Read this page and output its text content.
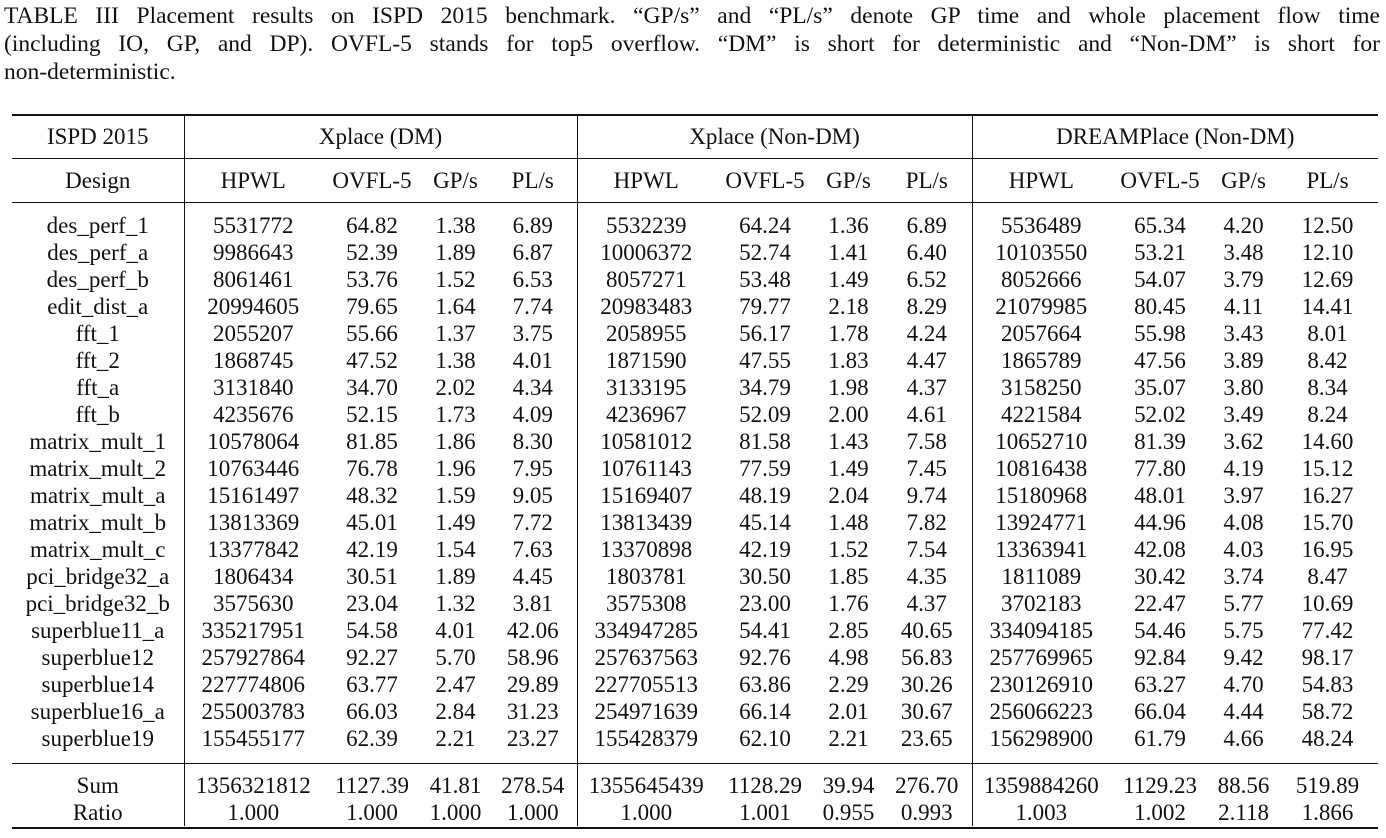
TABLE III Placement results on ISPD 2015 benchmark. “GP/s” and “PL/s” denote GP time and whole placement flow time
(including IO, GP, and DP). OVFL-5 stands for top5 overflow. “DM” is short for deterministic and “Non-DM” is short for
non-deterministic.
ISPD 2015	Xplace (DM)				Xplace (Non-DM)				DREAMPlace (Non-DM)			
Design	HPWL	OVFL-5	GP/s	PL/s	HPWL	OVFL-5	GP/s	PL/s	HPWL	OVFL-5	GP/s	PL/s

des_perf_1	5531772	64.82	1.38	6.89	5532239	64.24	1.36	6.89	5536489	65.34	4.20	12.50
des_perf_a	9986643	52.39	1.89	6.87	10006372	52.74	1.41	6.40	10103550	53.21	3.48	12.10
des_perf_b	8061461	53.76	1.52	6.53	8057271	53.48	1.49	6.52	8052666	54.07	3.79	12.69
edit_dist_a	20994605	79.65	1.64	7.74	20983483	79.77	2.18	8.29	21079985	80.45	4.11	14.41
fft_1	2055207	55.66	1.37	3.75	2058955	56.17	1.78	4.24	2057664	55.98	3.43	8.01
fft_2	1868745	47.52	1.38	4.01	1871590	47.55	1.83	4.47	1865789	47.56	3.89	8.42
fft_a	3131840	34.70	2.02	4.34	3133195	34.79	1.98	4.37	3158250	35.07	3.80	8.34
fft_b	4235676	52.15	1.73	4.09	4236967	52.09	2.00	4.61	4221584	52.02	3.49	8.24
matrix_mult_1	10578064	81.85	1.86	8.30	10581012	81.58	1.43	7.58	10652710	81.39	3.62	14.60
matrix_mult_2	10763446	76.78	1.96	7.95	10761143	77.59	1.49	7.45	10816438	77.80	4.19	15.12
matrix_mult_a	15161497	48.32	1.59	9.05	15169407	48.19	2.04	9.74	15180968	48.01	3.97	16.27
matrix_mult_b	13813369	45.01	1.49	7.72	13813439	45.14	1.48	7.82	13924771	44.96	4.08	15.70
matrix_mult_c	13377842	42.19	1.54	7.63	13370898	42.19	1.52	7.54	13363941	42.08	4.03	16.95
pci_bridge32_a	1806434	30.51	1.89	4.45	1803781	30.50	1.85	4.35	1811089	30.42	3.74	8.47
pci_bridge32_b	3575630	23.04	1.32	3.81	3575308	23.00	1.76	4.37	3702183	22.47	5.77	10.69
superblue11_a	335217951	54.58	4.01	42.06	334947285	54.41	2.85	40.65	334094185	54.46	5.75	77.42
superblue12	257927864	92.27	5.70	58.96	257637563	92.76	4.98	56.83	257769965	92.84	9.42	98.17
superblue14	227774806	63.77	2.47	29.89	227705513	63.86	2.29	30.26	230126910	63.27	4.70	54.83
superblue16_a	255003783	66.03	2.84	31.23	254971639	66.14	2.01	30.67	256066223	66.04	4.44	58.72
superblue19	155455177	62.39	2.21	23.27	155428379	62.10	2.21	23.65	156298900	61.79	4.66	48.24

Sum	1356321812	1127.39	41.81	278.54	1355645439	1128.29	39.94	276.70	1359884260	1129.23	88.56	519.89
Ratio	1.000	1.000	1.000	1.000	1.000	1.001	0.955	0.993	1.003	1.002	2.118	1.866
